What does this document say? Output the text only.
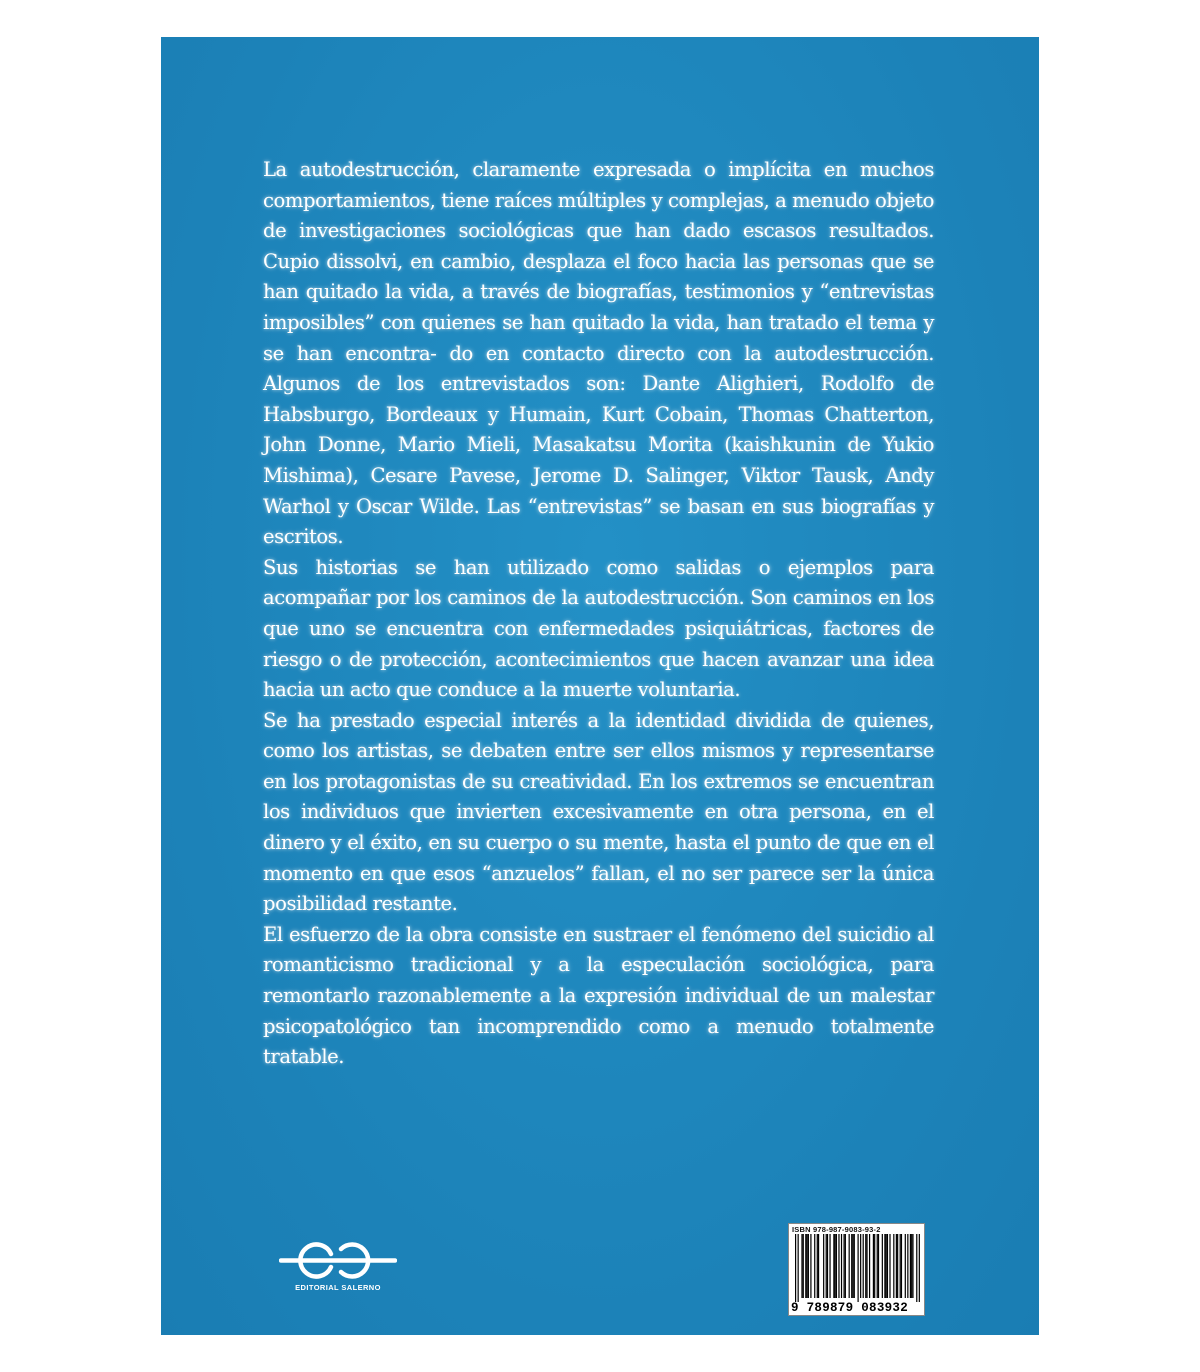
La autodestrucción, claramente expresada o implícita en muchos comportamientos, tiene raíces múltiples y complejas, a menudo objeto de investigaciones sociológicas que han dado escasos resultados. Cupio dissolvi, en cambio, desplaza el foco hacia las personas que se han quitado la vida, a través de biografías, testimonios y “entrevistas imposibles” con quienes se han quitado la vida, han tratado el tema y se han encontra- do en contacto directo con la autodestrucción. Algunos de los entrevistados son: Dante Alighieri, Rodolfo de Habsburgo, Bordeaux y Humain, Kurt Cobain, Thomas Chatterton, John Donne, Mario Mieli, Masakatsu Morita (kaishkunin de Yukio Mishima), Cesare Pavese, Jerome D. Salinger, Viktor Tausk, Andy Warhol y Oscar Wilde. Las “entrevistas” se basan en sus biografías y escritos.

Sus historias se han utilizado como salidas o ejemplos para acompañar por los caminos de la autodestrucción. Son caminos en los que uno se encuentra con enfermedades psiquiátricas, factores de riesgo o de protección, acontecimientos que hacen avanzar una idea hacia un acto que conduce a la muerte voluntaria.

Se ha prestado especial interés a la identidad dividida de quienes, como los artistas, se debaten entre ser ellos mismos y representarse en los protagonistas de su creatividad. En los extremos se encuentran los individuos que invierten excesivamente en otra persona, en el dinero y el éxito, en su cuerpo o su mente, hasta el punto de que en el momento en que esos “anzuelos” fallan, el no ser parece ser la única posibilidad restante.

El esfuerzo de la obra consiste en sustraer el fenómeno del suicidio al romanticismo tradicional y a la especulación sociológica, para remontarlo razonablemente a la expresión individual de un malestar psicopatológico tan incomprendido como a menudo totalmente tratable.

EDITORIAL SALERNO
ISBN 978-987-9083-93-2
9 789879 083932
